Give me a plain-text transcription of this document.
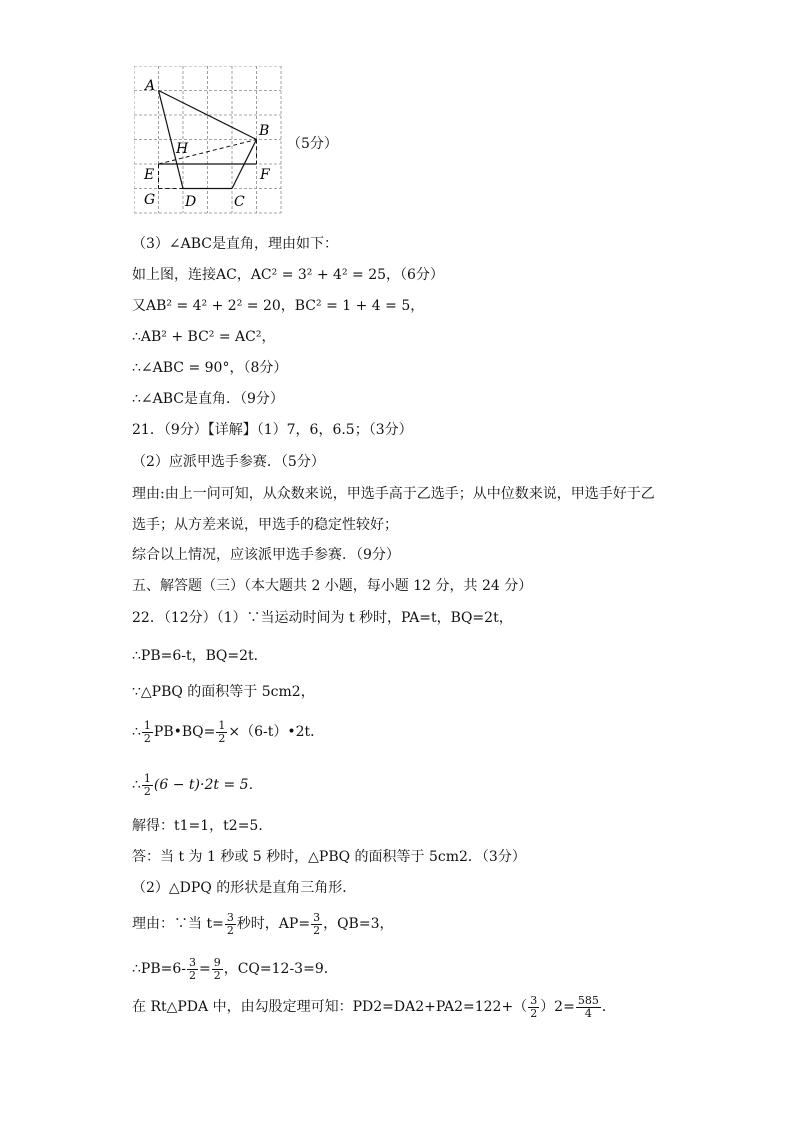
A
B
H
E	F
G D	C
（5分）
（3）∠ABC是直角，理由如下：
如上图，连接AC，AC² = 3² + 4² = 25，（6分）
又AB² = 4² + 2² = 20，BC² = 1 + 4 = 5，
∴AB² + BC² = AC²，
∴∠ABC = 90°，（8分）
∴∠ABC是直角．（9分）
21．（9分）【详解】（1）7，6，6.5；（3分）
（2）应派甲选手参赛．（5分）
理由:由上一问可知，从众数来说，甲选手高于乙选手；从中位数来说，甲选手好于乙
选手；从方差来说，甲选手的稳定性较好；
综合以上情况，应该派甲选手参赛．（9分）
五、解答题（三）（本大题共 2 小题，每小题 12 分，共 24 分）
22．（12分）（1）∵当运动时间为 t 秒时，PA=t，BQ=2t，
∴PB=6-t，BQ=2t．
∵△PBQ 的面积等于 5cm2，
∴ $\frac{1}{2}$ PB•BQ= $\frac{1}{2}$ ×（6-t）•2t．
∴ $\frac{1}{2} (6 - t)\cdot 2t = 5$．
解得：t1=1，t2=5．
答：当 t 为 1 秒或 5 秒时，△PBQ 的面积等于 5cm2．（3分）
（2）△DPQ 的形状是直角三角形．
理由：∵当 $t= \frac{3}{2}$ 秒时，$AP= \frac{3}{2}$ ，QB=3，
∴PB=6- $\frac{3}{2} = \frac{9}{2}$ ，CQ=12-3=9．
在 Rt△PDA 中，由勾股定理可知：$PD2=DA2+PA2=122+( \frac{3}{2} )2= \frac{585}{4}$ ．
